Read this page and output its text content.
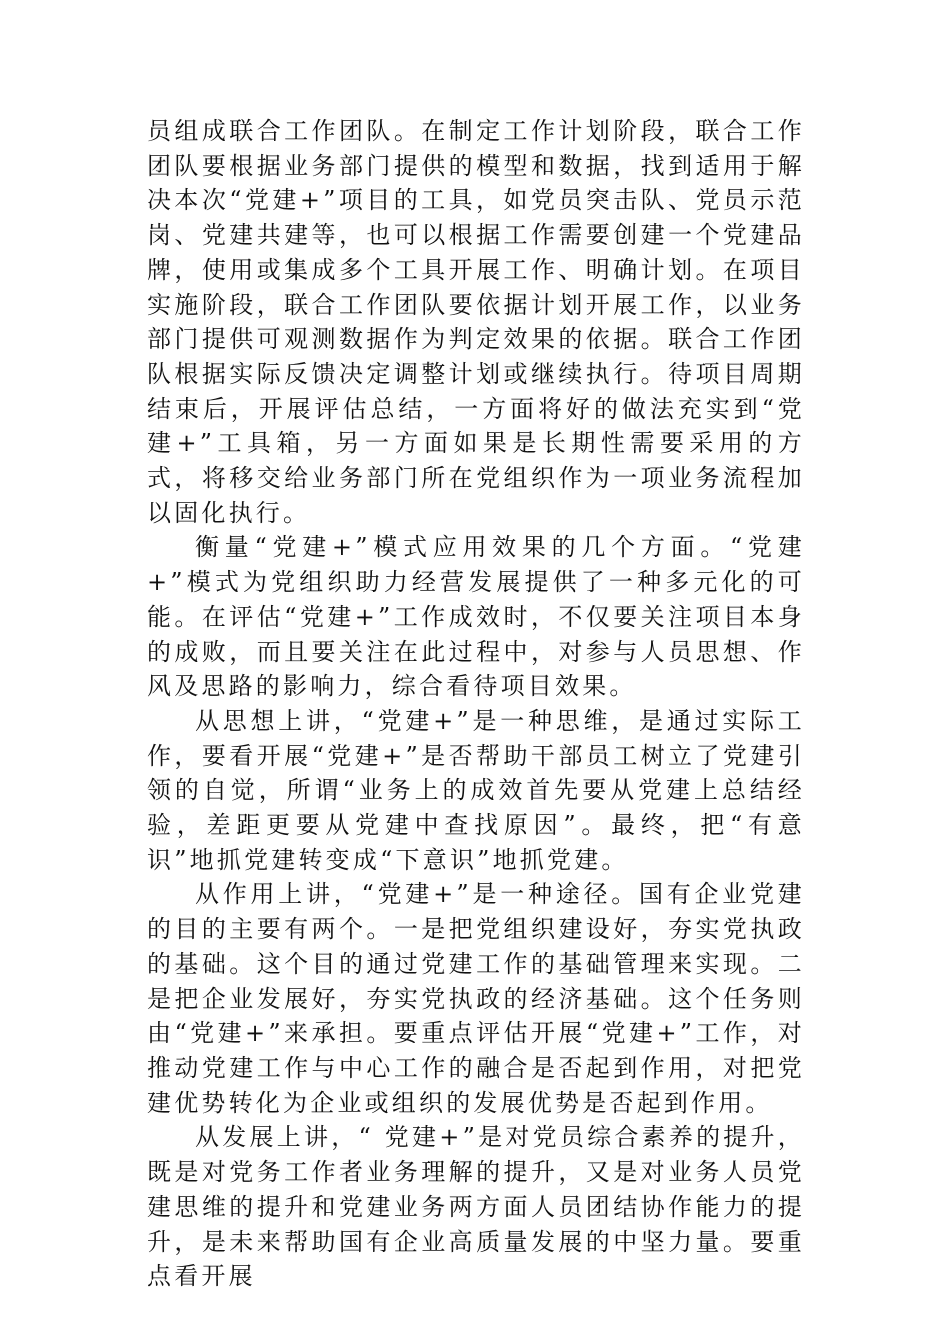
员组成联合工作团队。在制定工作计划阶段，联合工作团队要根据业务部门提供的模型和数据，找到适用于解决本次“党建+”项目的工具，如党员突击队、党员示范岗、党建共建等，也可以根据工作需要创建一个党建品牌，使用或集成多个工具开展工作、明确计划。在项目实施阶段，联合工作团队要依据计划开展工作，以业务部门提供可观测数据作为判定效果的依据。联合工作团队根据实际反馈决定调整计划或继续执行。待项目周期结束后，开展评估总结，一方面将好的做法充实到“党建+”工具箱，另一方面如果是长期性需要采用的方式，将移交给业务部门所在党组织作为一项业务流程加以固化执行。

衡量“党建+”模式应用效果的几个方面。“党建+”模式为党组织助力经营发展提供了一种多元化的可能。在评估“党建+”工作成效时，不仅要关注项目本身的成败，而且要关注在此过程中，对参与人员思想、作风及思路的影响力，综合看待项目效果。

从思想上讲，“党建+”是一种思维，是通过实际工作，要看开展“党建+”是否帮助干部员工树立了党建引领的自觉，所谓“业务上的成效首先要从党建上总结经验，差距更要从党建中查找原因”。最终，把“有意识”地抓党建转变成“下意识”地抓党建。

从作用上讲，“党建+”是一种途径。国有企业党建的目的主要有两个。一是把党组织建设好，夯实党执政的基础。这个目的通过党建工作的基础管理来实现。二是把企业发展好，夯实党执政的经济基础。这个任务则由“党建+”来承担。要重点评估开展“党建+”工作，对推动党建工作与中心工作的融合是否起到作用，对把党建优势转化为企业或组织的发展优势是否起到作用。

从发展上讲，“ 党建+”是对党员综合素养的提升，既是对党务工作者业务理解的提升，又是对业务人员党建思维的提升和党建业务两方面人员团结协作能力的提升，是未来帮助国有企业高质量发展的中坚力量。要重点看开展
